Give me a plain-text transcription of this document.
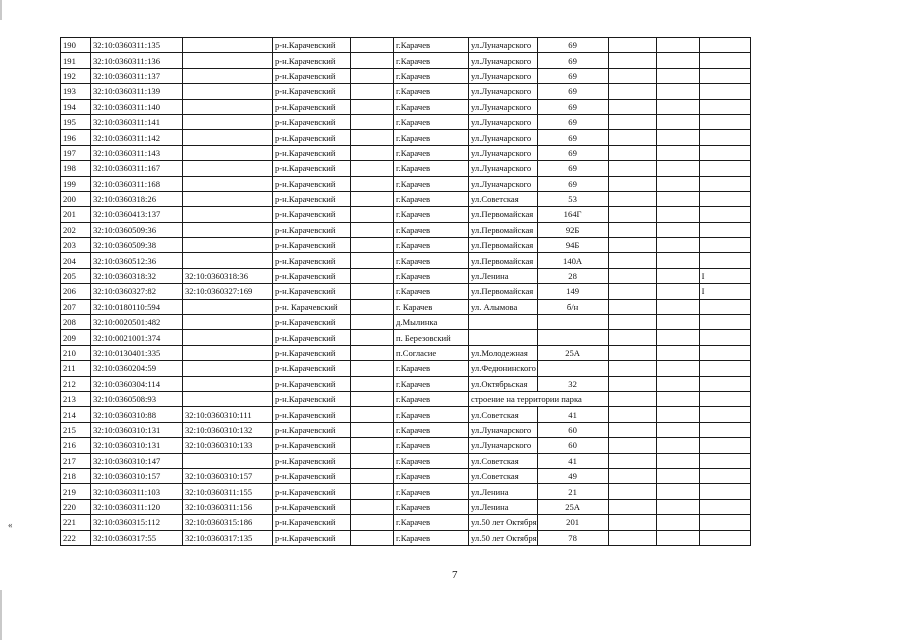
«
190	32:10:0360311:135		р-н.Карачевский		г.Карачев	ул.Луначарского	69			
191	32:10:0360311:136		р-н.Карачевский		г.Карачев	ул.Луначарского	69			
192	32:10:0360311:137		р-н.Карачевский		г.Карачев	ул.Луначарского	69			
193	32:10:0360311:139		р-н.Карачевский		г.Карачев	ул.Луначарского	69			
194	32:10:0360311:140		р-н.Карачевский		г.Карачев	ул.Луначарского	69			
195	32:10:0360311:141		р-н.Карачевский		г.Карачев	ул.Луначарского	69			
196	32:10:0360311:142		р-н.Карачевский		г.Карачев	ул.Луначарского	69			
197	32:10:0360311:143		р-н.Карачевский		г.Карачев	ул.Луначарского	69			
198	32:10:0360311:167		р-н.Карачевский		г.Карачев	ул.Луначарского	69			
199	32:10:0360311:168		р-н.Карачевский		г.Карачев	ул.Луначарского	69			
200	32:10:0360318:26		р-н.Карачевский		г.Карачев	ул.Советская	53			
201	32:10:0360413:137		р-н.Карачевский		г.Карачев	ул.Первомайская	164Г			
202	32:10:0360509:36		р-н.Карачевский		г.Карачев	ул.Первомайская	92Б			
203	32:10:0360509:38		р-н.Карачевский		г.Карачев	ул.Первомайская	94Б			
204	32:10:0360512:36		р-н.Карачевский		г.Карачев	ул.Первомайская	140А			
205	32:10:0360318:32	32:10:0360318:36	р-н.Карачевский		г.Карачев	ул.Ленина	28			I
206	32:10:0360327:82	32:10:0360327:169	р-н.Карачевский		г.Карачев	ул.Первомайская	149			I
207	32:10:0180110:594		р-н. Карачевский		г. Карачев	ул. Алымова	б/н			
208	32:10:0020501:482		р-н.Карачевский		д.Мылинка					
209	32:10:0021001:374		р-н.Карачевский		п. Березовский					
210	32:10:0130401:335		р-н.Карачевский		п.Согласие	ул.Молодежная	25А			
211	32:10:0360204:59		р-н.Карачевский		г.Карачев	ул.Федюнинского				
212	32:10:0360304:114		р-н.Карачевский		г.Карачев	ул.Октябрьская	32			
213	32:10:0360508:93		р-н.Карачевский		г.Карачев	строение на территории парка				
214	32:10:0360310:88	32:10:0360310:111	р-н.Карачевский		г.Карачев	ул.Советская	41			
215	32:10:0360310:131	32:10:0360310:132	р-н.Карачевский		г.Карачев	ул.Луначарского	60			
216	32:10:0360310:131	32:10:0360310:133	р-н.Карачевский		г.Карачев	ул.Луначарского	60			
217	32:10:0360310:147		р-н.Карачевский		г.Карачев	ул.Советская	41			
218	32:10:0360310:157	32:10:0360310:157	р-н.Карачевский		г.Карачев	ул.Советская	49			
219	32:10:0360311:103	32:10:0360311:155	р-н.Карачевский		г.Карачев	ул.Ленина	21			
220	32:10:0360311:120	32:10:0360311:156	р-н.Карачевский		г.Карачев	ул.Ленина	25А			
221	32:10:0360315:112	32:10:0360315:186	р-н.Карачевский		г.Карачев	ул.50 лет Октября	201			
222	32:10:0360317:55	32:10:0360317:135	р-н.Карачевский		г.Карачев	ул.50 лет Октября	78			
7
